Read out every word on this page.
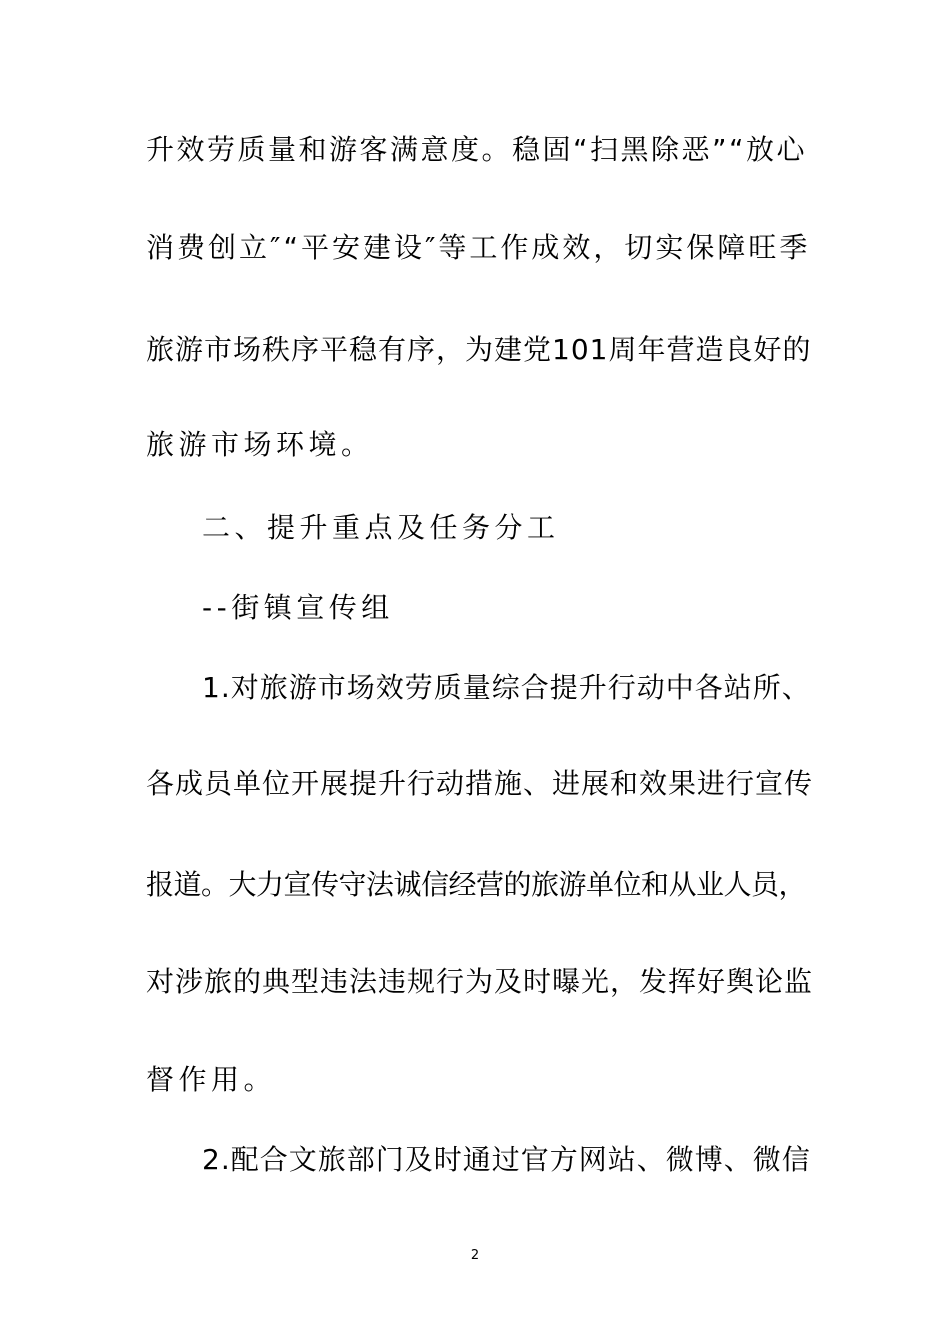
升效劳质量和游客满意度。稳固“扫黑除恶”“放心
消费创立″“平安建设″等工作成效，切实保障旺季
旅游市场秩序平稳有序，为建党101周年营造良好的
旅游市场环境。
二、提升重点及任务分工
--街镇宣传组
1.对旅游市场效劳质量综合提升行动中各站所、
各成员单位开展提升行动措施、进展和效果进行宣传
报道。大力宣传守法诚信经营的旅游单位和从业人员，
对涉旅的典型违法违规行为及时曝光，发挥好舆论监
督作用。
2.配合文旅部门及时通过官方网站、微博、微信
2
